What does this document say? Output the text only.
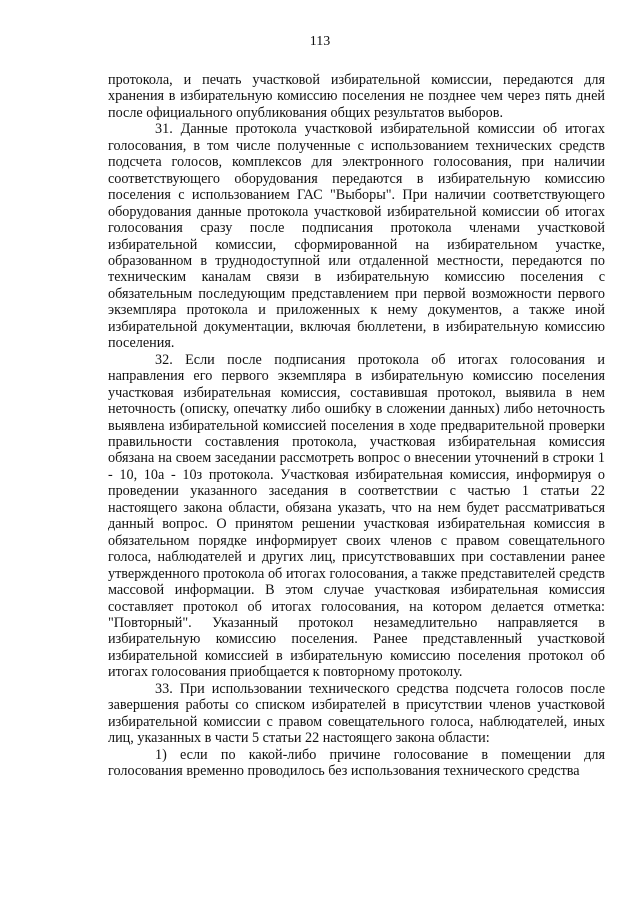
113

протокола, и печать участковой избирательной комиссии, передаются для хранения в избирательную комиссию поселения не позднее чем через пять дней после официального опубликования общих результатов выборов.

31. Данные протокола участковой избирательной комиссии об итогах голосования, в том числе полученные с использованием технических средств подсчета голосов, комплексов для электронного голосования, при наличии соответствующего оборудования передаются в избирательную комиссию поселения с использованием ГАС "Выборы". При наличии соответствующего оборудования данные протокола участковой избирательной комиссии об итогах голосования сразу после подписания протокола членами участковой избирательной комиссии, сформированной на избирательном участке, образованном в труднодоступной или отдаленной местности, передаются по техническим каналам связи в избирательную комиссию поселения с обязательным последующим представлением при первой возможности первого экземпляра протокола и приложенных к нему документов, а также иной избирательной документации, включая бюллетени, в избирательную комиссию поселения.

32. Если после подписания протокола об итогах голосования и направления его первого экземпляра в избирательную комиссию поселения участковая избирательная комиссия, составившая протокол, выявила в нем неточность (описку, опечатку либо ошибку в сложении данных) либо неточность выявлена избирательной комиссией поселения в ходе предварительной проверки правильности составления протокола, участковая избирательная комиссия обязана на своем заседании рассмотреть вопрос о внесении уточнений в строки 1 - 10, 10а - 10з протокола. Участковая избирательная комиссия, информируя о проведении указанного заседания в соответствии с частью 1 статьи 22 настоящего закона области, обязана указать, что на нем будет рассматриваться данный вопрос. О принятом решении участковая избирательная комиссия в обязательном порядке информирует своих членов с правом совещательного голоса, наблюдателей и других лиц, присутствовавших при составлении ранее утвержденного протокола об итогах голосования, а также представителей средств массовой информации. В этом случае участковая избирательная комиссия составляет протокол об итогах голосования, на котором делается отметка: "Повторный". Указанный протокол незамедлительно направляется в избирательную комиссию поселения. Ранее представленный участковой избирательной комиссией в избирательную комиссию поселения протокол об итогах голосования приобщается к повторному протоколу.

33. При использовании технического средства подсчета голосов после завершения работы со списком избирателей в присутствии членов участковой избирательной комиссии с правом совещательного голоса, наблюдателей, иных лиц, указанных в части 5 статьи 22 настоящего закона области:

1) если по какой-либо причине голосование в помещении для голосования временно проводилось без использования технического средства
